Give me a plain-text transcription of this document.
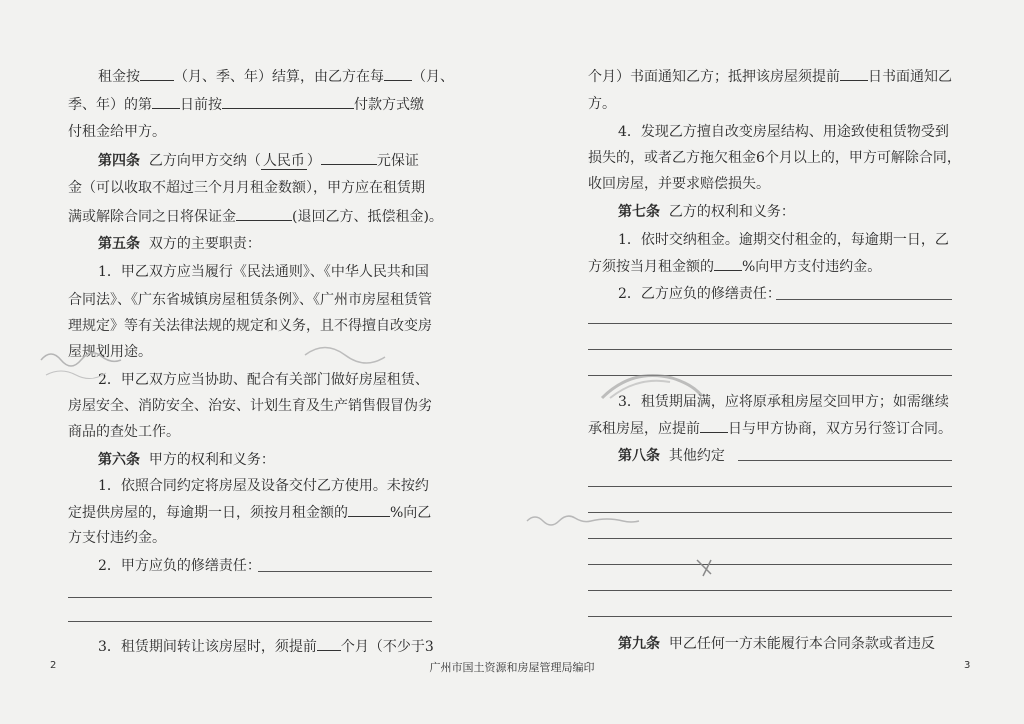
租金按 （月、季、年）结算，由乙方在每 （月、
季、年）的第 日前按	付款方式缴
付租金给甲方。
第四条 乙方向甲方交纳（ 人民币 ）	元保证
金（可以收取不超过三个月月租金数额），甲方应在租赁期
满或解除合同之日将保证金	(退回乙方、抵偿租金)。
第五条 双方的主要职责：
1．甲乙双方应当履行《民法通则》、《中华人民共和国
合同法》、《广东省城镇房屋租赁条例》、《广州市房屋租赁管
理规定》等有关法律法规的规定和义务，且不得擅自改变房
屋规划用途。
2．甲乙双方应当协助、配合有关部门做好房屋租赁、
房屋安全、消防安全、治安、计划生育及生产销售假冒伪劣
商品的查处工作。
第六条 甲方的权利和义务：
1．依照合同约定将房屋及设备交付乙方使用。未按约
定提供房屋的，每逾期一日，须按月租金额的	%向乙
方支付违约金。
2．甲方应负的修缮责任：
3．租赁期间转让该房屋时，须提前 个月（不少于3
2
个月）书面通知乙方；抵押该房屋须提前 日书面通知乙
方。
4．发现乙方擅自改变房屋结构、用途致使租赁物受到
损失的，或者乙方拖欠租金6个月以上的，甲方可解除合同，
收回房屋，并要求赔偿损失。
第七条 乙方的权利和义务：
1．依时交纳租金。逾期交付租金的，每逾期一日，乙
方须按当月租金额的 %向甲方支付违约金。
2．乙方应负的修缮责任：
3．租赁期届满，应将原承租房屋交回甲方；如需继续
承租房屋，应提前 日与甲方协商，双方另行签订合同。
第八条 其他约定
第九条 甲乙任何一方未能履行本合同条款或者违反
3
广州市国土资源和房屋管理局编印
